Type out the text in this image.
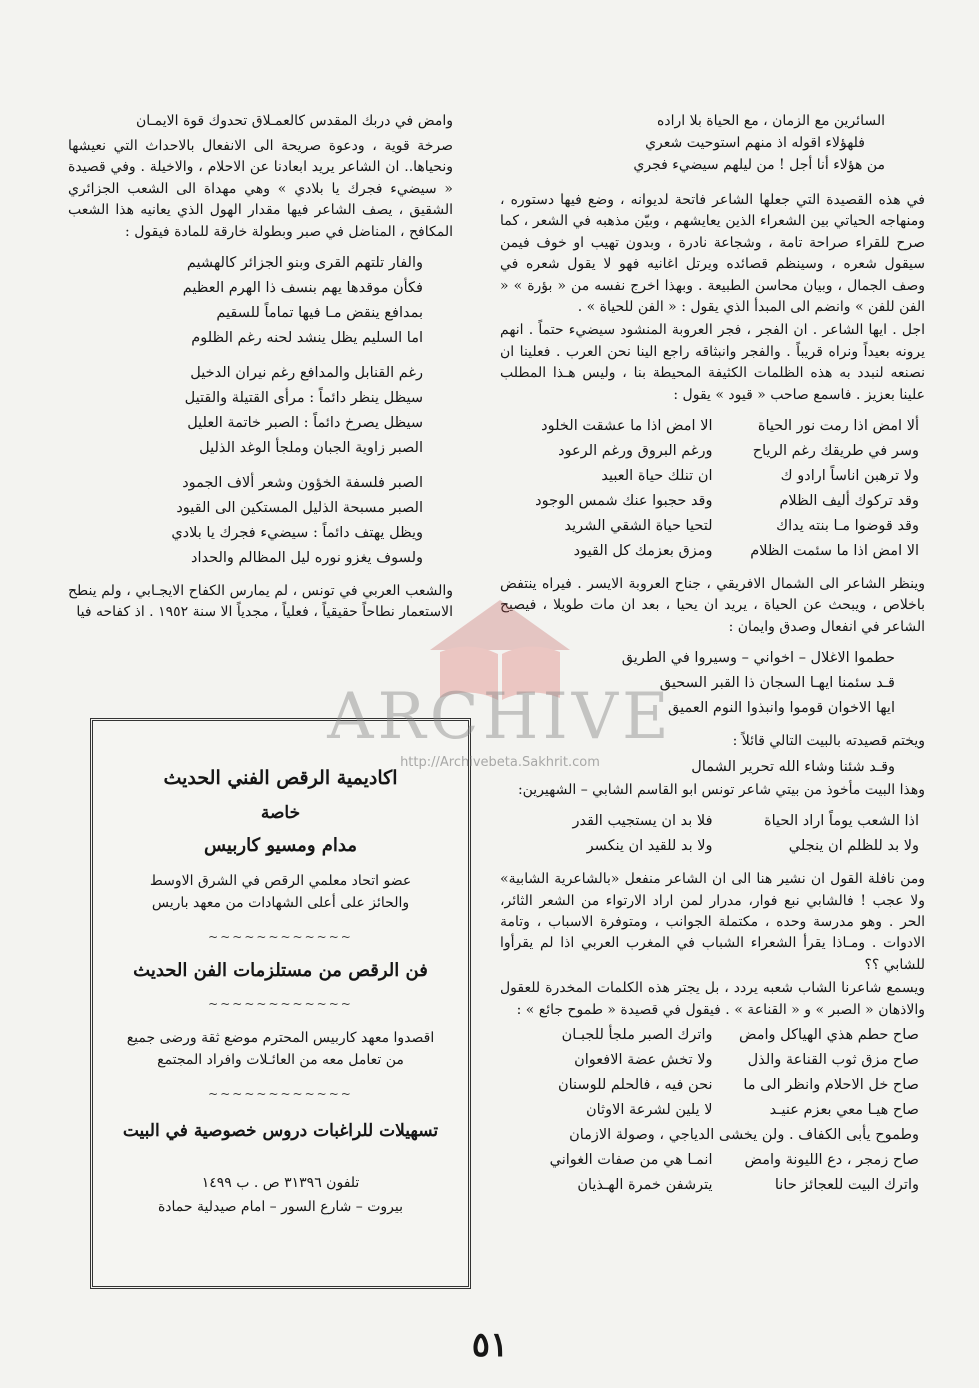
السائرين مع الزمان ، مع الحياة بلا اراده
فلهؤلاء اقوله اذ منهم استوحيت شعري
من هؤلاء أنا أجل ! من ليلهم سيضيء فجري

في هذه القصيدة التي جعلها الشاعر فاتحة لديوانه ، وضع فيها دستوره ، ومنهاجه الحياتي بين الشعراء الذين يعايشهم ، وبيّن مذهبه في الشعر ، كما صرح للقراء صراحة تامة ، وشجاعة نادرة ، وبدون تهيب او خوف فيمن سيقول شعره ، وسينظم قصائده ويرتل اغانيه فهو لا يقول شعره في وصف الجمال ، وبيان محاسن الطبيعة . وبهذا اخرج نفسه من « بؤرة » « الفن للفن » وانضم الى المبدأ الذي يقول : « الفن للحياة » .

اجل . ايها الشاعر . ان الفجر ، فجر العروبة المنشود سيضيء حتماً . انهم يرونه بعيداً ونراه قريباً . والفجر وانبثاقه راجع الينا نحن العرب . فعلينا ان نصنعه لنبدد به هذه الظلمات الكثيفة المحيطة بنا ، وليس هـذا المطلب علينا بعزيز . فاسمع صاحب « قيود » يقول :

ألا امض اذا رمت نور الحياة
الا امض اذا ما عشقت الخلود
وسر في طريقك رغم الرياح
ورغم البروق ورغم الرعود
ولا ترهبن اناساً ارادو ك
ان تنلك حياة العبيد
وقد تركوك أليف الظلام
وقد حجبوا عنك شمس الوجود
وقد قوضوا مـا بنته يداك
لتحيا حياة الشقي الشريد
الا امض اذا ما سئمت الظلام
ومزق بعزمك كل القيود

وينظر الشاعر الى الشمال الافريقي ، جناح العروبة الايسر . فيراه ينتفض باخلاص ، ويبحث عن الحياة ، يريد ان يحيا ، بعد ان مات طويلا ، فيصيح الشاعر في انفعال وصدق وايمان :

حطموا الاغلال – اخواني – وسيروا في الطريق
قـد سئمنا ايهـا السجان ذا القبر السحيق
ايها الاخوان قوموا وانبذوا النوم العميق

ويختم قصيدته بالبيت التالي قائلاً :

وقـد شئنا وشاء الله تحرير الشمال

وهذا البيت مأخوذ من بيتي شاعر تونس ابو القاسم الشابي – الشهيرين:

اذا الشعب يوماً اراد الحياة
فلا بد ان يستجيب القدر
ولا بد للظلم ان ينجلي
ولا بد للقيد ان ينكسر

ومن نافلة القول ان نشير هنا الى ان الشاعر منفعل «بالشاعرية الشابية» ولا عجب ! فالشابي نبع فوار، مدرار لمن اراد الارتواء من الشعر الثائر، الحر . وهو مدرسة وحده ، مكتملة الجوانب ، ومتوفرة الاسباب ، وتامة الادوات . ومـاذا يقرأ الشعراء الشباب في المغرب العربي اذا لم يقرأوا للشابي ؟؟

ويسمع شاعرنا الشاب شعبه يردد ، بل يجتر هذه الكلمات المخدرة للعقول والاذهان « الصبر » و « القناعة » . فيقول في قصيدة « طموح جائع » :

صاح حطم هذي الهياكل وامض
واترك الصبر ملجأ للجبـان
صاح مزق ثوب القناعة والذل
ولا تخش عضة الافعوان
صاح خل الاحلام وانظر الى ما
نحن فيه ، فالحلم للوسنان
صاح هيـا معي بعزم عنيـد
لا يلين لشرعة الاوثان
وطموح يأبى الكفاف . ولن يخشى الدياجي ، وصولة الازمان
صاح زمجر ، دع الليونة وامض
انمـا هي من صفات الغواني
واترك البيت للعجائز حانا
يترشفن خمرة الهـذيان
وامض في دربك المقدس كالعمـلاق تحدوك قوة الايمـان

صرخة قوية ، ودعوة صريحة الى الانفعال بالاحداث التي نعيشها ونحياها.. ان الشاعر يريد ابعادنا عن الاحلام ، والاخيلة . وفي قصيدة « سيضيء فجرك يا بلادي » وهي مهداة الى الشعب الجزائري الشقيق ، يصف الشاعر فيها مقدار الهول الذي يعانيه هذا الشعب المكافح ، المناضل في صبر وبطولة خارقة للمادة فيقول :

والفار تلتهم القرى وبنو الجزائر كالهشيم
فكأن موقدها يهم بنسف ذا الهرم العظيم
بمدافع ينقض مـا فيها تماماً للسقيم
اما السليم يظل ينشد لحنه رغم الظلوم
رغم القنابل والمدافع رغم نيران الدخيل
سيظل ينظر دائماً : مرأى القتيلة والقتيل
سيظل يصرخ دائماً : الصبر خاتمة العليل
الصبر زاوية الجبان وملجأ الوغد الذليل
الصبر فلسفة الخؤون وشعر ألاف الجمود
الصبر مسبحة الذليل المستكين الى القيود
ويظل يهتف دائماً : سيضيء فجرك يا بلادي
ولسوف يغزو نوره ليل المظالم والحداد

والشعب العربي في تونس ، لم يمارس الكفاح الايجـابي ، ولم ينطح الاستعمار نطاحاً حقيقياً ، فعلياً ، مجدياً الا سنة ١٩٥٢ . اذ كفاحه فيا

اكاديمية الرقص الفني الحديث
خاصة
مدام ومسيو كاربيس
عضو اتحاد معلمي الرقص في الشرق الاوسط
والحائز على أعلى الشهادات من معهد باريس
~~~~~~~~~~~~
فن الرقص من مستلزمات الفن الحديث
~~~~~~~~~~~~
اقصدوا معهد كاربيس المحترم موضع ثقة ورضى جميع
من تعامل معه من العائـلات وافراد المجتمع
~~~~~~~~~~~~
تسهيلات للراغبات دروس خصوصية في البيت
تلفون ٣١٣٩٦ ص . ب ١٤٩٩
بيروت – شارع السور – امام صيدلية حمادة
ARCHIVE
http://Archivebeta.Sakhrit.com
٥١
